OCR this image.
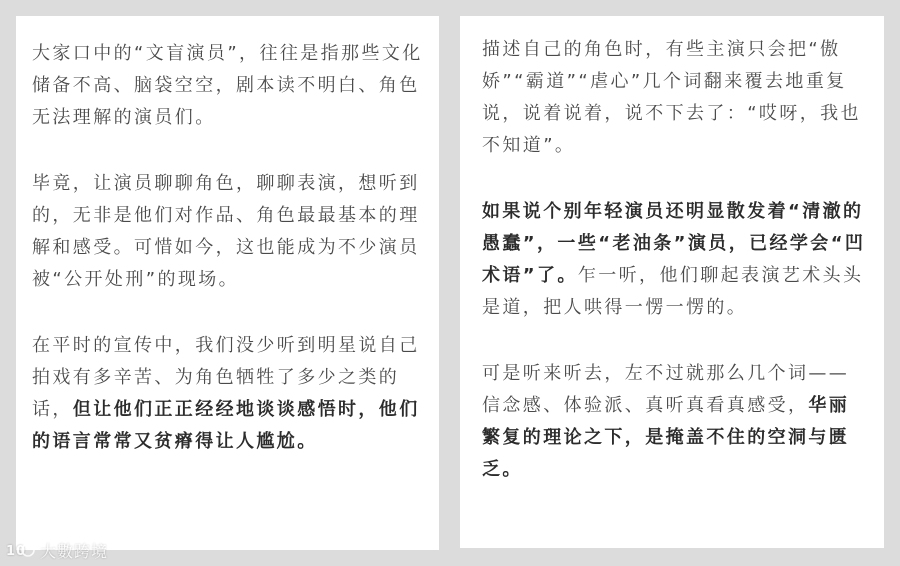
大家口中的“文盲演员”，往往是指那些文化储备不高、脑袋空空，剧本读不明白、角色无法理解的演员们。

毕竟，让演员聊聊角色，聊聊表演，想听到的，无非是他们对作品、角色最最基本的理解和感受。可惜如今，这也能成为不少演员被“公开处刑”的现场。

在平时的宣传中，我们没少听到明星说自己拍戏有多辛苦、为角色牺牲了多少之类的话，但让他们正正经经地谈谈感悟时，他们的语言常常又贫瘠得让人尴尬。

描述自己的角色时，有些主演只会把“傲娇”“霸道”“虐心”几个词翻来覆去地重复说，说着说着，说不下去了：“哎呀，我也不知道”。

如果说个别年轻演员还明显散发着“清澈的愚蠢”，一些“老油条”演员，已经学会“凹术语”了。乍一听，他们聊起表演艺术头头是道，把人哄得一愣一愣的。

可是听来听去，左不过就那么几个词——信念感、体验派、真听真看真感受，华丽繁复的理论之下，是掩盖不住的空洞与匮乏。

10 大數跨境
